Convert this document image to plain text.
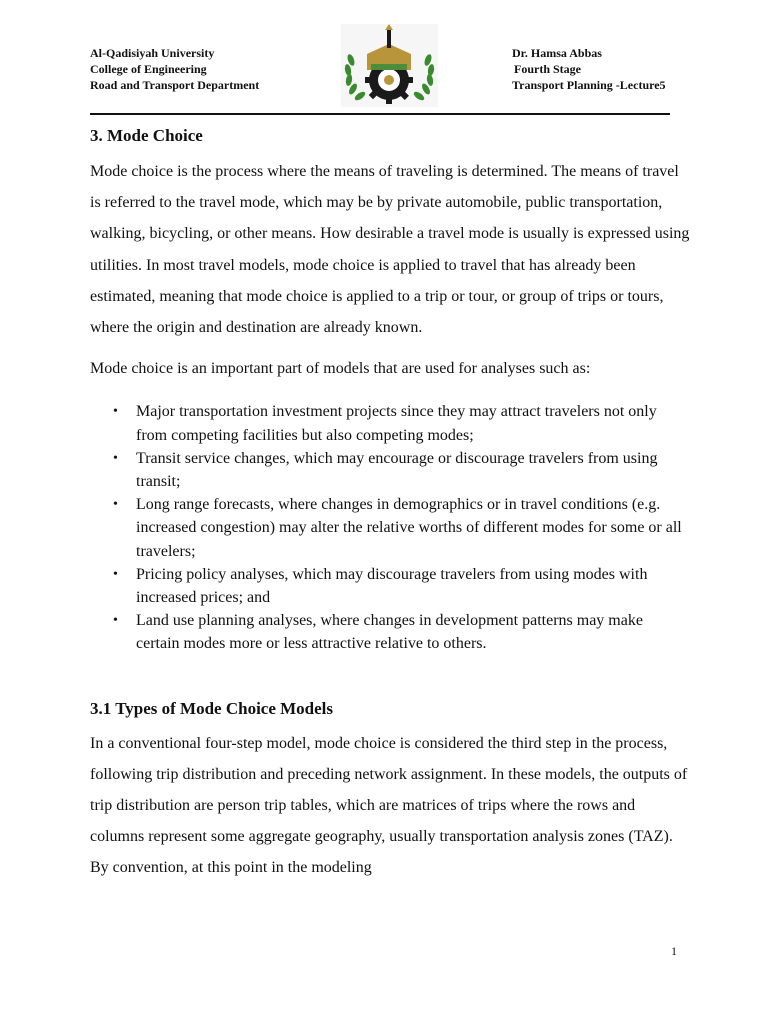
Al-Qadisiyah University
College of Engineering
Road and Transport Department
Dr. Hamsa Abbas
Fourth Stage
Transport Planning -Lecture5
3. Mode Choice

Mode choice is the process where the means of traveling is determined. The means of travel is referred to the travel mode, which may be by private automobile, public transportation, walking, bicycling, or other means. How desirable a travel mode is usually is expressed using utilities. In most travel models, mode choice is applied to travel that has already been estimated, meaning that mode choice is applied to a trip or tour, or group of trips or tours, where the origin and destination are already known.

Mode choice is an important part of models that are used for analyses such as:

• Major transportation investment projects since they may attract travelers not only from competing facilities but also competing modes;
• Transit service changes, which may encourage or discourage travelers from using transit;
• Long range forecasts, where changes in demographics or in travel conditions (e.g. increased congestion) may alter the relative worths of different modes for some or all travelers;
• Pricing policy analyses, which may discourage travelers from using modes with increased prices; and
• Land use planning analyses, where changes in development patterns may make certain modes more or less attractive relative to others.
3.1 Types of Mode Choice Models

In a conventional four-step model, mode choice is considered the third step in the process, following trip distribution and preceding network assignment. In these models, the outputs of trip distribution are person trip tables, which are matrices of trips where the rows and columns represent some aggregate geography, usually transportation analysis zones (TAZ). By convention, at this point in the modeling

1
